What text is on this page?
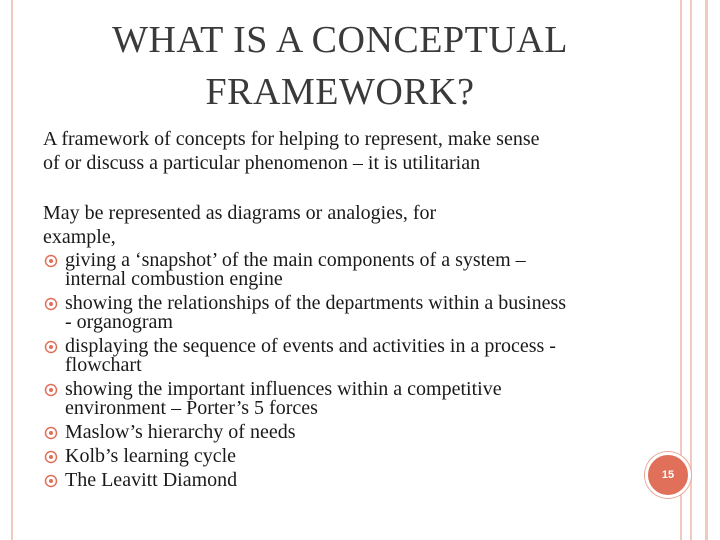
WHAT IS A CONCEPTUAL
FRAMEWORK?
A framework of concepts for helping to represent, make sense
of or discuss a particular phenomenon – it is utilitarian
May be represented as diagrams or analogies, for
example,
giving a ‘snapshot’ of the main components of a system –
internal combustion engine
showing the relationships of the departments within a business
- organogram
displaying the sequence of events and activities in a process -
flowchart
showing the important influences within a competitive
environment – Porter’s 5 forces
Maslow’s hierarchy of needs
Kolb’s learning cycle
The Leavitt Diamond	15
